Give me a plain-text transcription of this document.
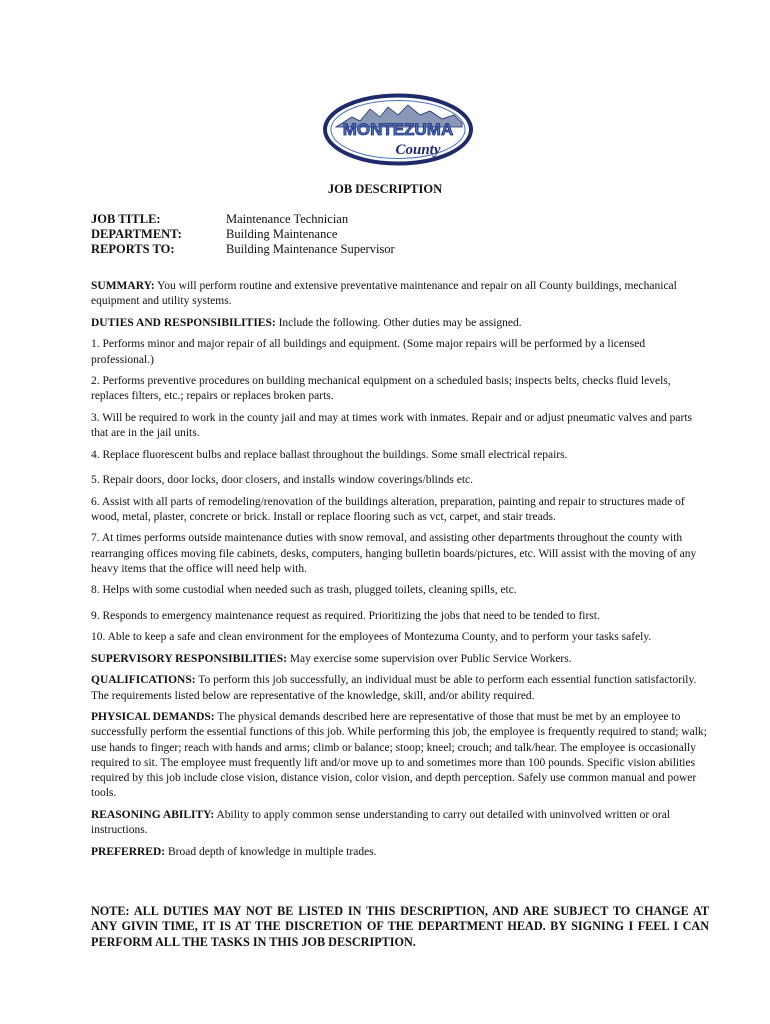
MONTEZUMA
County
JOB DESCRIPTION
JOB TITLE:	Maintenance Technician
DEPARTMENT:	Building Maintenance
REPORTS TO:	Building Maintenance Supervisor

SUMMARY: You will perform routine and extensive preventative maintenance and repair on all County buildings, mechanical equipment and utility systems.

DUTIES AND RESPONSIBILITIES: Include the following. Other duties may be assigned.

1. Performs minor and major repair of all buildings and equipment. (Some major repairs will be performed by a licensed professional.)

2. Performs preventive procedures on building mechanical equipment on a scheduled basis; inspects belts, checks fluid levels, replaces filters, etc.; repairs or replaces broken parts.

3. Will be required to work in the county jail and may at times work with inmates. Repair and or adjust pneumatic valves and parts that are in the jail units.

4. Replace fluorescent bulbs and replace ballast throughout the buildings. Some small electrical repairs.

5. Repair doors, door locks, door closers, and installs window coverings/blinds etc.

6. Assist with all parts of remodeling/renovation of the buildings alteration, preparation, painting and repair to structures made of wood, metal, plaster, concrete or brick. Install or replace flooring such as vct, carpet, and stair treads.

7. At times performs outside maintenance duties with snow removal, and assisting other departments throughout the county with rearranging offices moving file cabinets, desks, computers, hanging bulletin boards/pictures, etc. Will assist with the moving of any heavy items that the office will need help with.

8. Helps with some custodial when needed such as trash, plugged toilets, cleaning spills, etc.

9. Responds to emergency maintenance request as required. Prioritizing the jobs that need to be tended to first.

10. Able to keep a safe and clean environment for the employees of Montezuma County, and to perform your tasks safely.

SUPERVISORY RESPONSIBILITIES: May exercise some supervision over Public Service Workers.

QUALIFICATIONS: To perform this job successfully, an individual must be able to perform each essential function satisfactorily. The requirements listed below are representative of the knowledge, skill, and/or ability required.

PHYSICAL DEMANDS: The physical demands described here are representative of those that must be met by an employee to successfully perform the essential functions of this job. While performing this job, the employee is frequently required to stand; walk; use hands to finger; reach with hands and arms; climb or balance; stoop; kneel; crouch; and talk/hear. The employee is occasionally required to sit. The employee must frequently lift and/or move up to and sometimes more than 100 pounds. Specific vision abilities required by this job include close vision, distance vision, color vision, and depth perception. Safely use common manual and power tools.

REASONING ABILITY: Ability to apply common sense understanding to carry out detailed with uninvolved written or oral instructions.

PREFERRED: Broad depth of knowledge in multiple trades.

NOTE: ALL DUTIES MAY NOT BE LISTED IN THIS DESCRIPTION, AND ARE SUBJECT TO CHANGE AT ANY GIVIN TIME, IT IS AT THE DISCRETION OF THE DEPARTMENT HEAD. BY SIGNING I FEEL I CAN PERFORM ALL THE TASKS IN THIS JOB DESCRIPTION.
